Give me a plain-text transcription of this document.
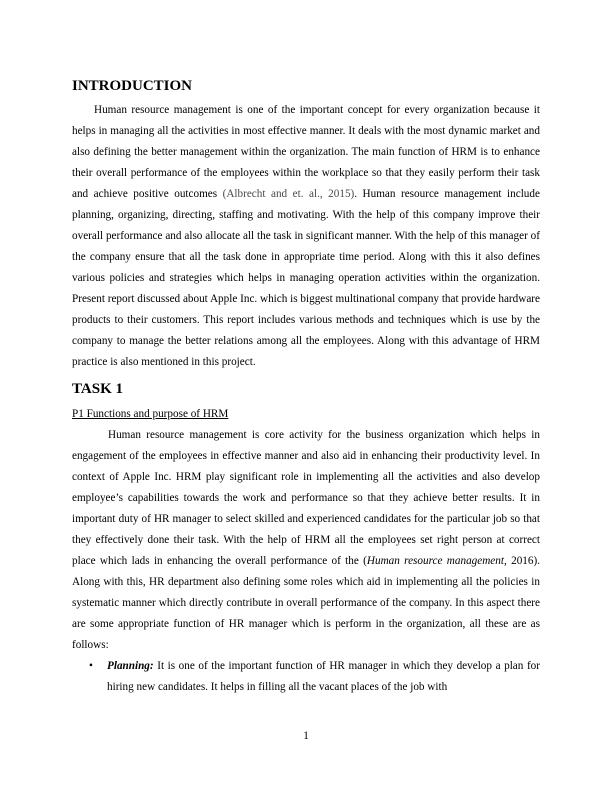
INTRODUCTION

Human resource management is one of the important concept for every organization because it helps in managing all the activities in most effective manner. It deals with the most dynamic market and also defining the better management within the organization. The main function of HRM is to enhance their overall performance of the employees within the workplace so that they easily perform their task and achieve positive outcomes (Albrecht and et. al., 2015). Human resource management include planning, organizing, directing, staffing and motivating. With the help of this company improve their overall performance and also allocate all the task in significant manner. With the help of this manager of the company ensure that all the task done in appropriate time period. Along with this it also defines various policies and strategies which helps in managing operation activities within the organization. Present report discussed about Apple Inc. which is biggest multinational company that provide hardware products to their customers. This report includes various methods and techniques which is use by the company to manage the better relations among all the employees. Along with this advantage of HRM practice is also mentioned in this project.

TASK 1
P1 Functions and purpose of HRM

Human resource management is core activity for the business organization which helps in engagement of the employees in effective manner and also aid in enhancing their productivity level. In context of Apple Inc. HRM play significant role in implementing all the activities and also develop employee’s capabilities towards the work and performance so that they achieve better results. It in important duty of HR manager to select skilled and experienced candidates for the particular job so that they effectively done their task. With the help of HRM all the employees set right person at correct place which lads in enhancing the overall performance of the (Human resource management, 2016). Along with this, HR department also defining some roles which aid in implementing all the policies in systematic manner which directly contribute in overall performance of the company. In this aspect there are some appropriate function of HR manager which is perform in the organization, all these are as follows:

• Planning: It is one of the important function of HR manager in which they develop a plan for hiring new candidates. It helps in filling all the vacant places of the job with
1
